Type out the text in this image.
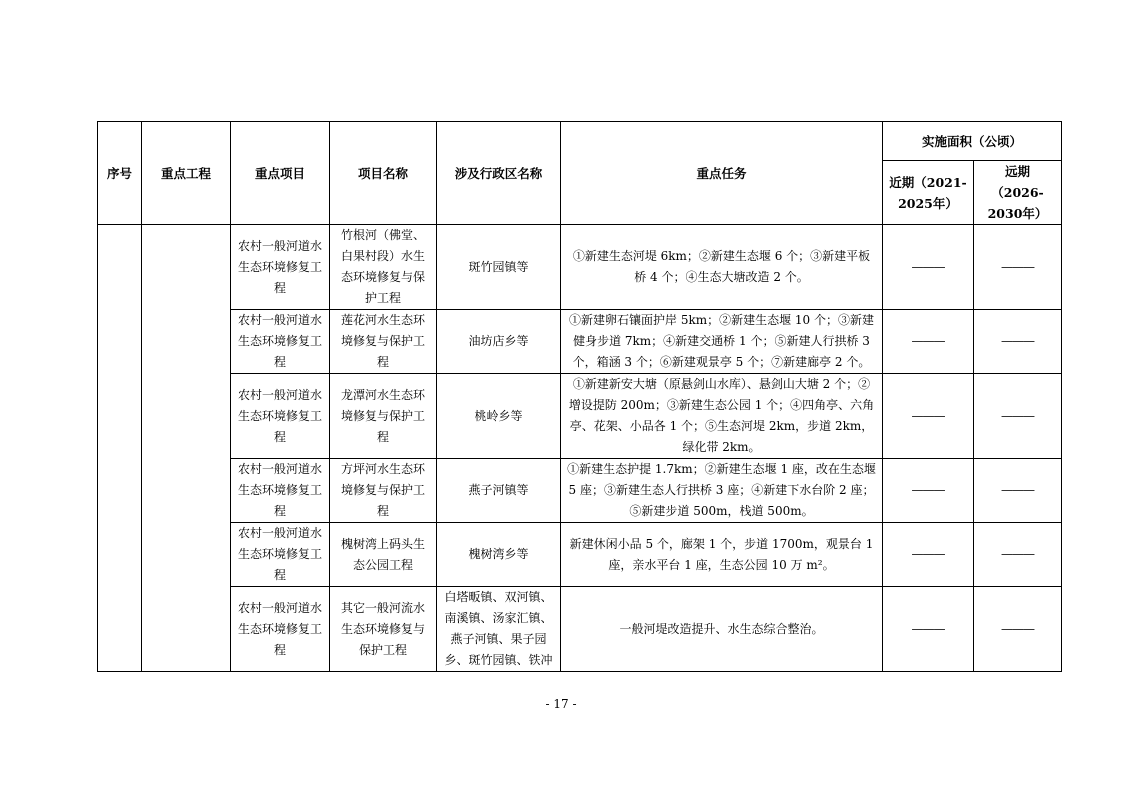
序号	重点工程	重点项目	项目名称	涉及行政区名称	重点任务	实施面积（公顷）	
						近期（2021-2025年）	远期（2026-2030年）
		农村一般河道水生态环境修复工程	竹根河（佛堂、白果村段）水生态环境修复与保护工程	斑竹园镇等	①新建生态河堤 6km；②新建生态堰 6 个；③新建平板桥 4 个；④生态大塘改造 2 个。	———	———
		农村一般河道水生态环境修复工程	莲花河水生态环境修复与保护工程	油坊店乡等	①新建卵石镶面护岸 5km；②新建生态堰 10 个；③新建健身步道 7km；④新建交通桥 1 个；⑤新建人行拱桥 3 个，箱涵 3 个；⑥新建观景亭 5 个；⑦新建廊亭 2 个。	———	———
		农村一般河道水生态环境修复工程	龙潭河水生态环境修复与保护工程	桃岭乡等	①新建新安大塘（原悬剑山水库）、悬剑山大塘 2 个；②增设提防 200m；③新建生态公园 1 个；④四角亭、六角亭、花架、小品各 1 个；⑤生态河堤 2km，步道 2km，绿化带 2km。	———	———
		农村一般河道水生态环境修复工程	方坪河水生态环境修复与保护工程	燕子河镇等	①新建生态护提 1.7km；②新建生态堰 1 座，改在生态堰 5 座；③新建生态人行拱桥 3 座；④新建下水台阶 2 座；⑤新建步道 500m，栈道 500m。	———	———
		农村一般河道水生态环境修复工程	槐树湾上码头生态公园工程	槐树湾乡等	新建休闲小品 5 个，廊架 1 个，步道 1700m，观景台 1 座，亲水平台 1 座，生态公园 10 万 m²。	———	———
		农村一般河道水生态环境修复工程	其它一般河流水生态环境修复与保护工程	白塔畈镇、双河镇、南溪镇、汤家汇镇、燕子河镇、果子园乡、斑竹园镇、铁冲	一般河堤改造提升、水生态综合整治。	———	———
- 17 -
